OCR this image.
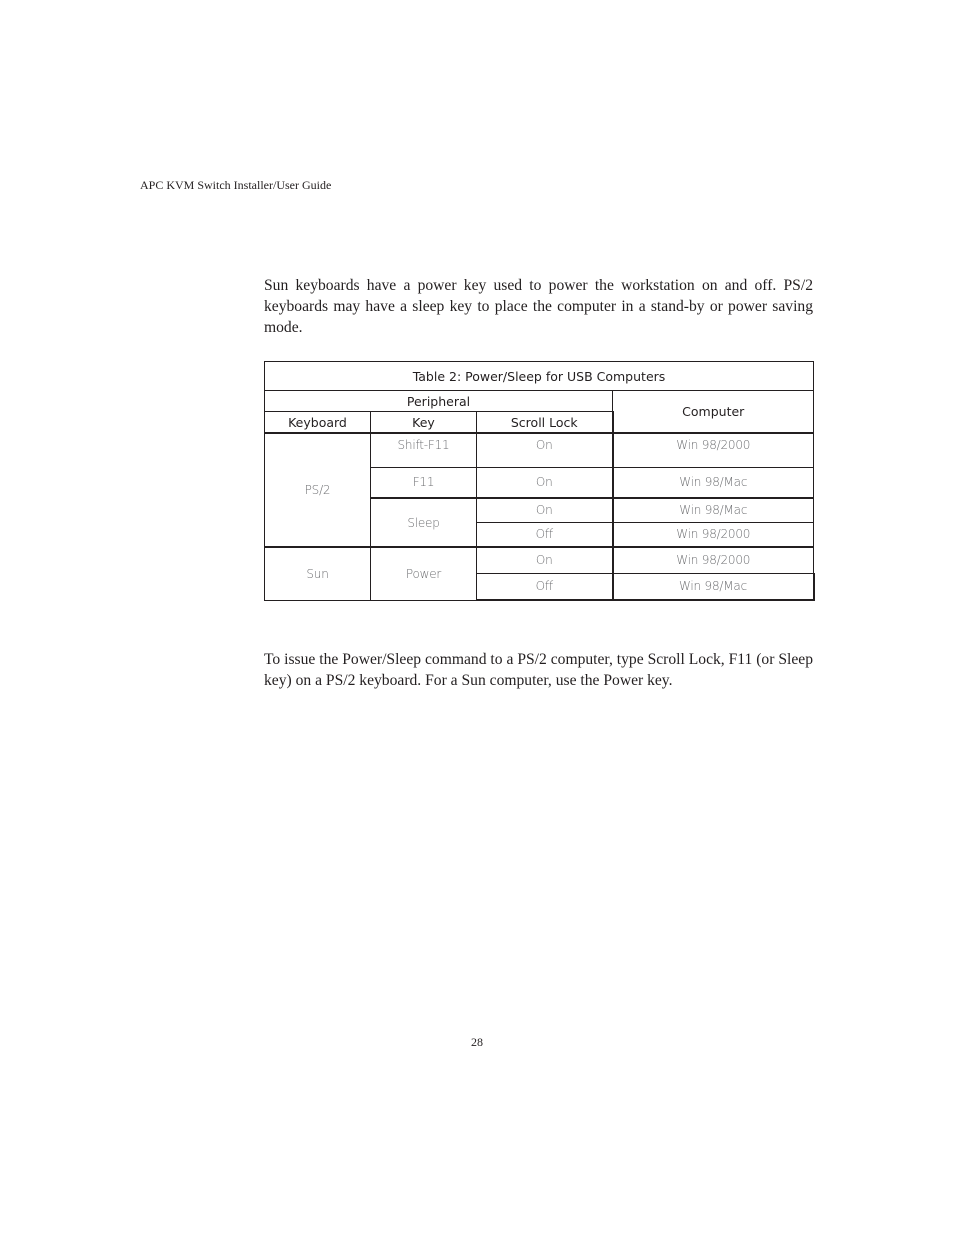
APC KVM Switch Installer/User Guide

Sun keyboards have a power key used to power the workstation on and off. PS/2 keyboards may have a sleep key to place the computer in a stand-by or power saving mode.

Table 2: Power/Sleep for USB Computers			
Peripheral			Computer
Keyboard	Key	Scroll Lock	
PS/2	Shift-F11	On	Win 98/2000
	F11	On	Win 98/Mac
	Sleep	On	Win 98/Mac
		Off	Win 98/2000
Sun	Power	On	Win 98/2000
		Off	Win 98/Mac

To issue the Power/Sleep command to a PS/2 computer, type Scroll Lock, F11 (or Sleep key) on a PS/2 keyboard. For a Sun computer, use the Power key.

28
